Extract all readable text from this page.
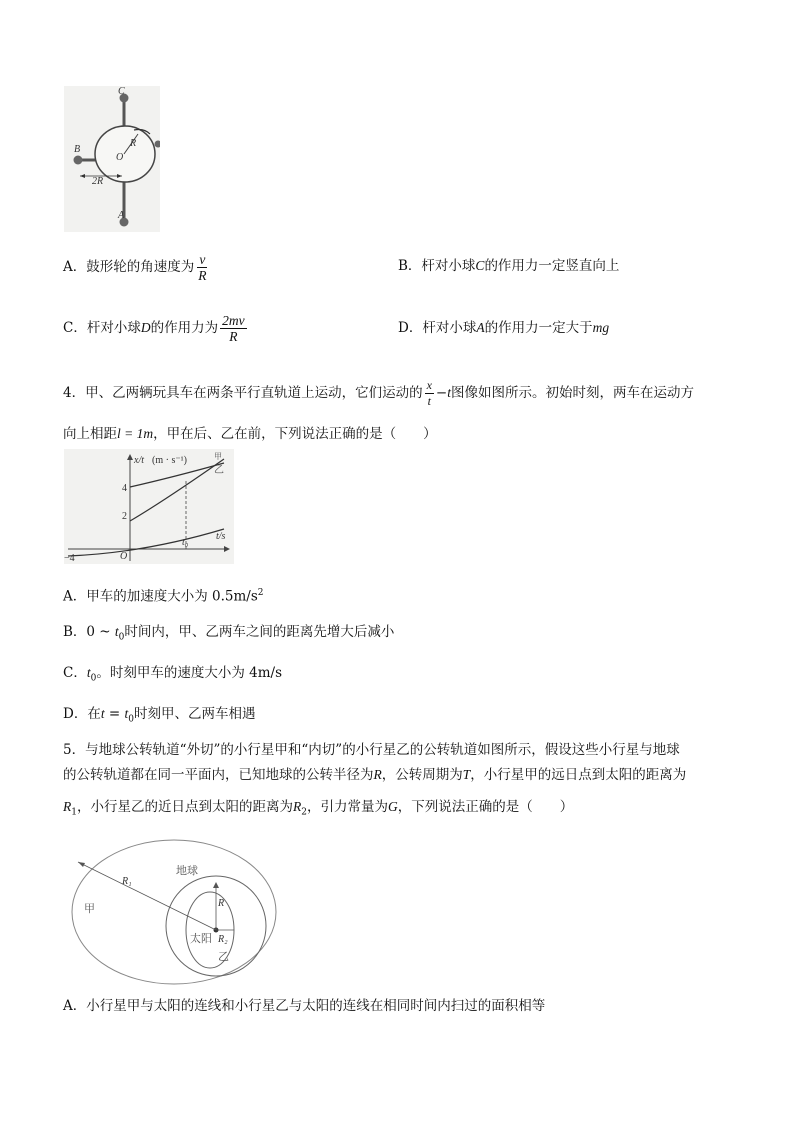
C
B
A
O
R
2R
A．鼓形轮的角速度为 $\frac{v}{R}$	B．杆对小球C的作用力一定竖直向上
C．杆对小球D的作用力为 $\frac{2mv}{R}$	D．杆对小球A的作用力一定大于mg
4．甲、乙两辆玩具车在两条平行直轨道上运动，它们运动的 $\frac{x}{t} -t$图像如图所示。初始时刻，两车在运动方
向上相距l = 1m，甲在后、乙在前，下列说法正确的是（　　）
x/t (m · s⁻¹)
4
2
−4	O
t₀
t/s
甲
乙
A．甲车的加速度大小为 $0.5m/s^2$
B．0 ~ $t_0$时间内，甲、乙两车之间的距离先增大后减小
C．$t_0$。时刻甲车的速度大小为 4m/s
D．在$t = t_0$时刻甲、乙两车相遇
5．与地球公转轨道“外切”的小行星甲和“内切”的小行星乙的公转轨道如图所示，假设这些小行星与地球
的公转轨道都在同一平面内，已知地球的公转半径为R，公转周期为T，小行星甲的远日点到太阳的距离为
$R_1$，小行星乙的近日点到太阳的距离为$R_2$，引力常量为G，下列说法正确的是（　　）
甲
地球
太阳
乙
R₁
R
R₂
A．小行星甲与太阳的连线和小行星乙与太阳的连线在相同时间内扫过的面积相等
